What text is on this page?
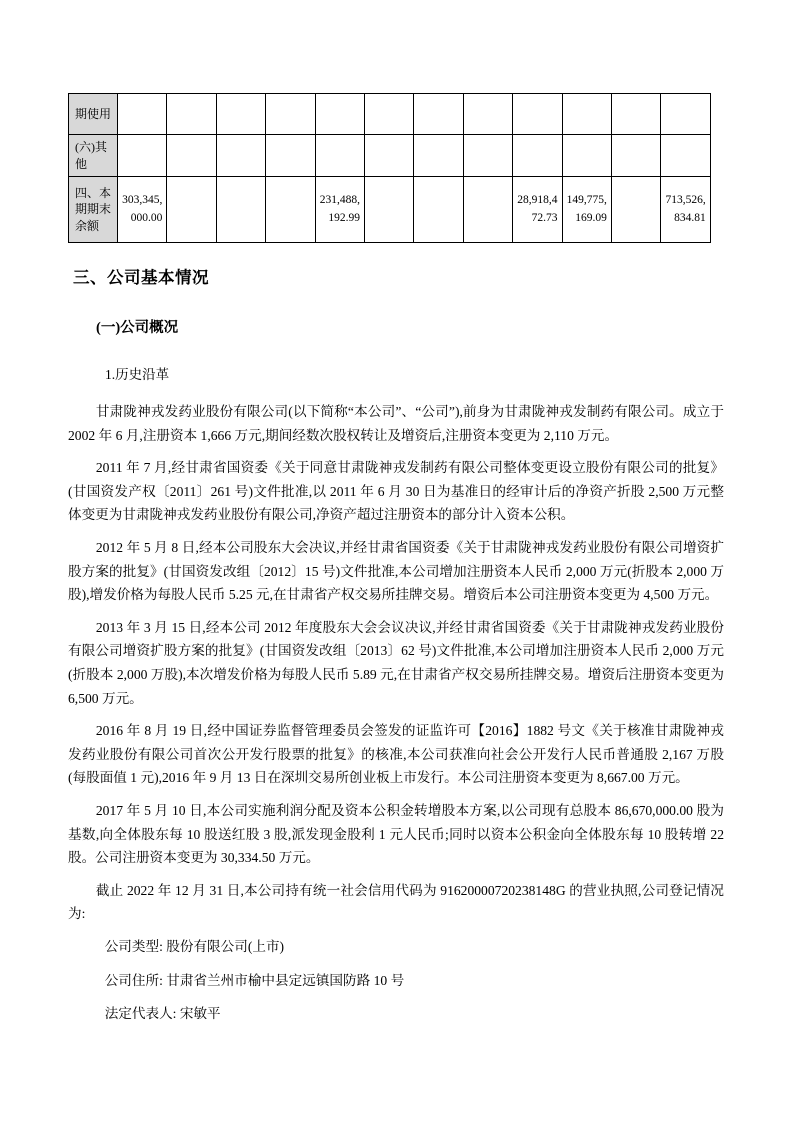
期使用												
(六)其他												
四、本期期末余额	303,345,000.00				231,488,192.99				28,918,472.73	149,775,169.09		713,526,834.81
三、公司基本情况
(一)公司概况
1.历史沿革

甘肃陇神戎发药业股份有限公司(以下简称“本公司”、“公司”),前身为甘肃陇神戎发制药有限公司。成立于 2002 年 6 月,注册资本 1,666 万元,期间经数次股权转让及增资后,注册资本变更为 2,110 万元。

2011 年 7 月,经甘肃省国资委《关于同意甘肃陇神戎发制药有限公司整体变更设立股份有限公司的批复》(甘国资发产权〔2011〕261 号)文件批准,以 2011 年 6 月 30 日为基准日的经审计后的净资产折股 2,500 万元整体变更为甘肃陇神戎发药业股份有限公司,净资产超过注册资本的部分计入资本公积。

2012 年 5 月 8 日,经本公司股东大会决议,并经甘肃省国资委《关于甘肃陇神戎发药业股份有限公司增资扩股方案的批复》(甘国资发改组〔2012〕15 号)文件批准,本公司增加注册资本人民币 2,000 万元(折股本 2,000 万股),增发价格为每股人民币 5.25 元,在甘肃省产权交易所挂牌交易。增资后本公司注册资本变更为 4,500 万元。

2013 年 3 月 15 日,经本公司 2012 年度股东大会会议决议,并经甘肃省国资委《关于甘肃陇神戎发药业股份有限公司增资扩股方案的批复》(甘国资发改组〔2013〕62 号)文件批准,本公司增加注册资本人民币 2,000 万元(折股本 2,000 万股),本次增发价格为每股人民币 5.89 元,在甘肃省产权交易所挂牌交易。增资后注册资本变更为 6,500 万元。

2016 年 8 月 19 日,经中国证券监督管理委员会签发的证监许可【2016】1882 号文《关于核准甘肃陇神戎发药业股份有限公司首次公开发行股票的批复》的核准,本公司获准向社会公开发行人民币普通股 2,167 万股(每股面值 1 元),2016 年 9 月 13 日在深圳交易所创业板上市发行。本公司注册资本变更为 8,667.00 万元。

2017 年 5 月 10 日,本公司实施利润分配及资本公积金转增股本方案,以公司现有总股本 86,670,000.00 股为基数,向全体股东每 10 股送红股 3 股,派发现金股利 1 元人民币;同时以资本公积金向全体股东每 10 股转增 22 股。公司注册资本变更为 30,334.50 万元。

截止 2022 年 12 月 31 日,本公司持有统一社会信用代码为 91620000720238148G 的营业执照,公司登记情况为:

公司类型: 股份有限公司(上市)

公司住所: 甘肃省兰州市榆中县定远镇国防路 10 号

法定代表人: 宋敏平
